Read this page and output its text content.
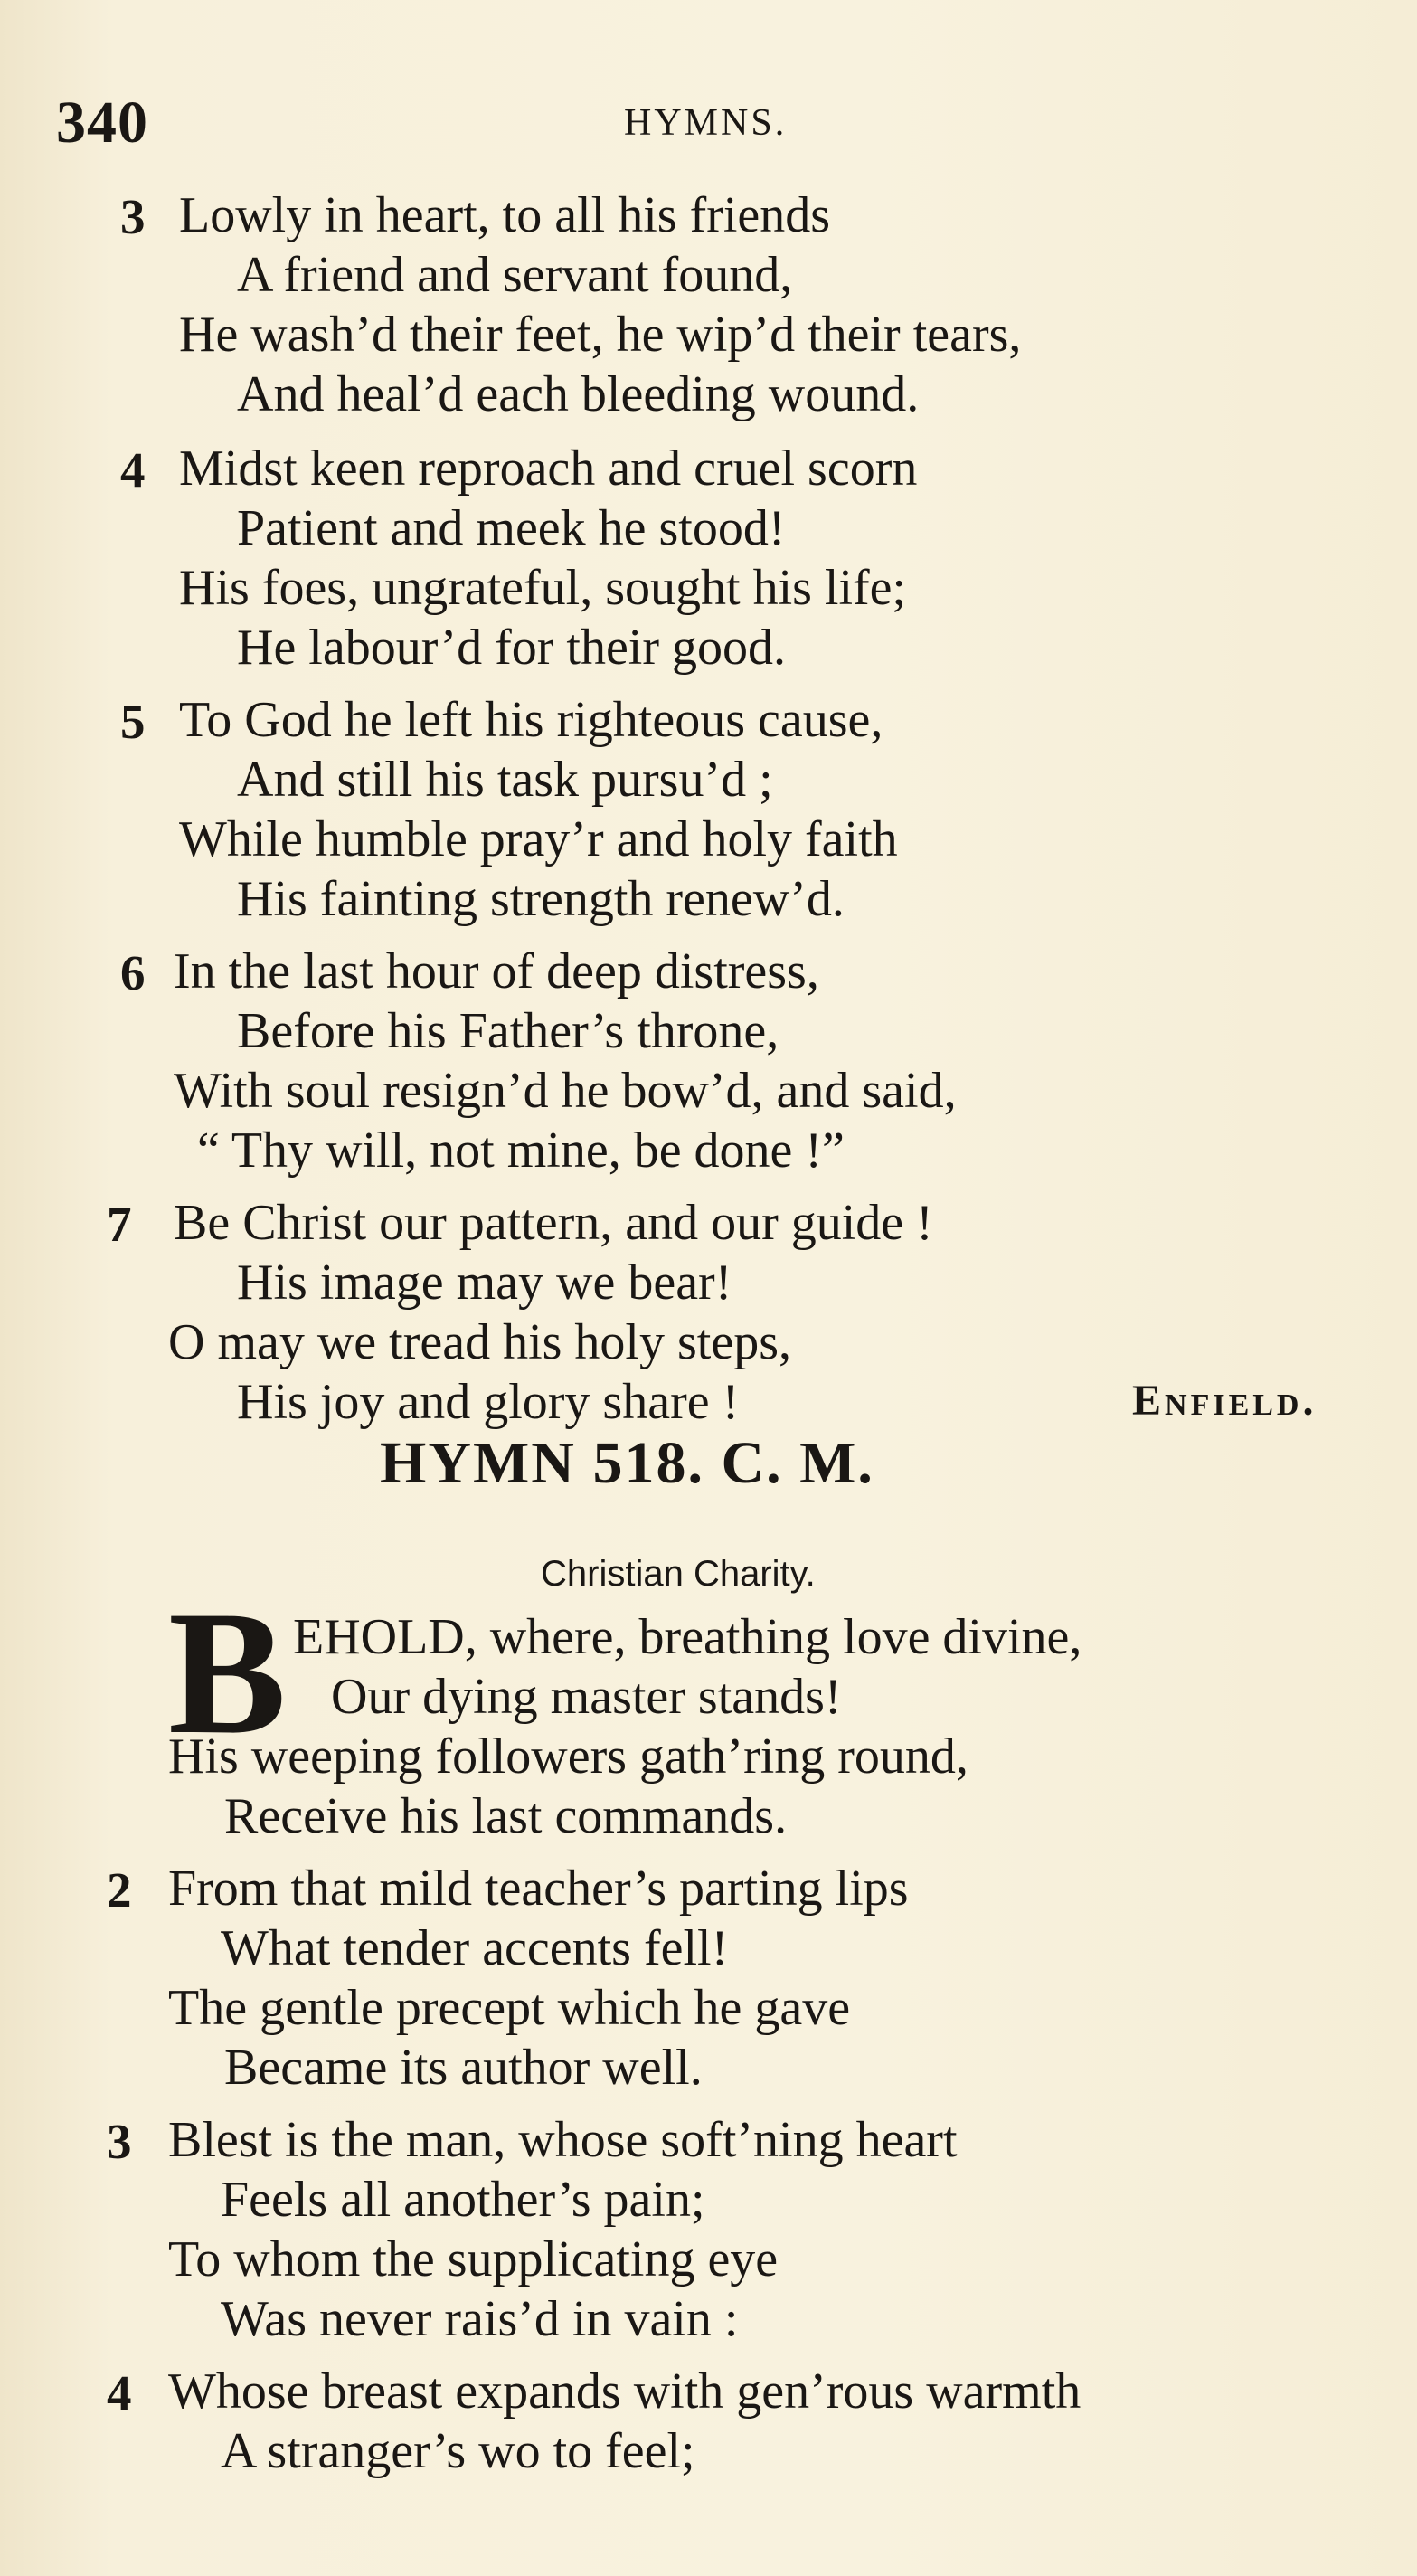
340	HYMNS.
3 Lowly in heart, to all his friends
A friend and servant found,
He wash’d their feet, he wip’d their tears,
And heal’d each bleeding wound.
4 Midst keen reproach and cruel scorn
Patient and meek he stood!
His foes, ungrateful, sought his life;
He labour’d for their good.
5 To God he left his righteous cause,
And still his task pursu’d ;
While humble pray’r and holy faith
His fainting strength renew’d.
6 In the last hour of deep distress,
Before his Father’s throne,
With soul resign’d he bow’d, and said,
“ Thy will, not mine, be done !”
7 Be Christ our pattern, and our guide !
His image may we bear!
O may we tread his holy steps,
His joy and glory share !	Enfield.
HYMN 518. C. M.
Christian Charity.
B EHOLD, where, breathing love divine,
Our dying master stands!
His weeping followers gath’ring round,
Receive his last commands.
2 From that mild teacher’s parting lips
What tender accents fell!
The gentle precept which he gave
Became its author well.
3 Blest is the man, whose soft’ning heart
Feels all another’s pain;
To whom the supplicating eye
Was never rais’d in vain :
4 Whose breast expands with gen’rous warmth
A stranger’s wo to feel;
